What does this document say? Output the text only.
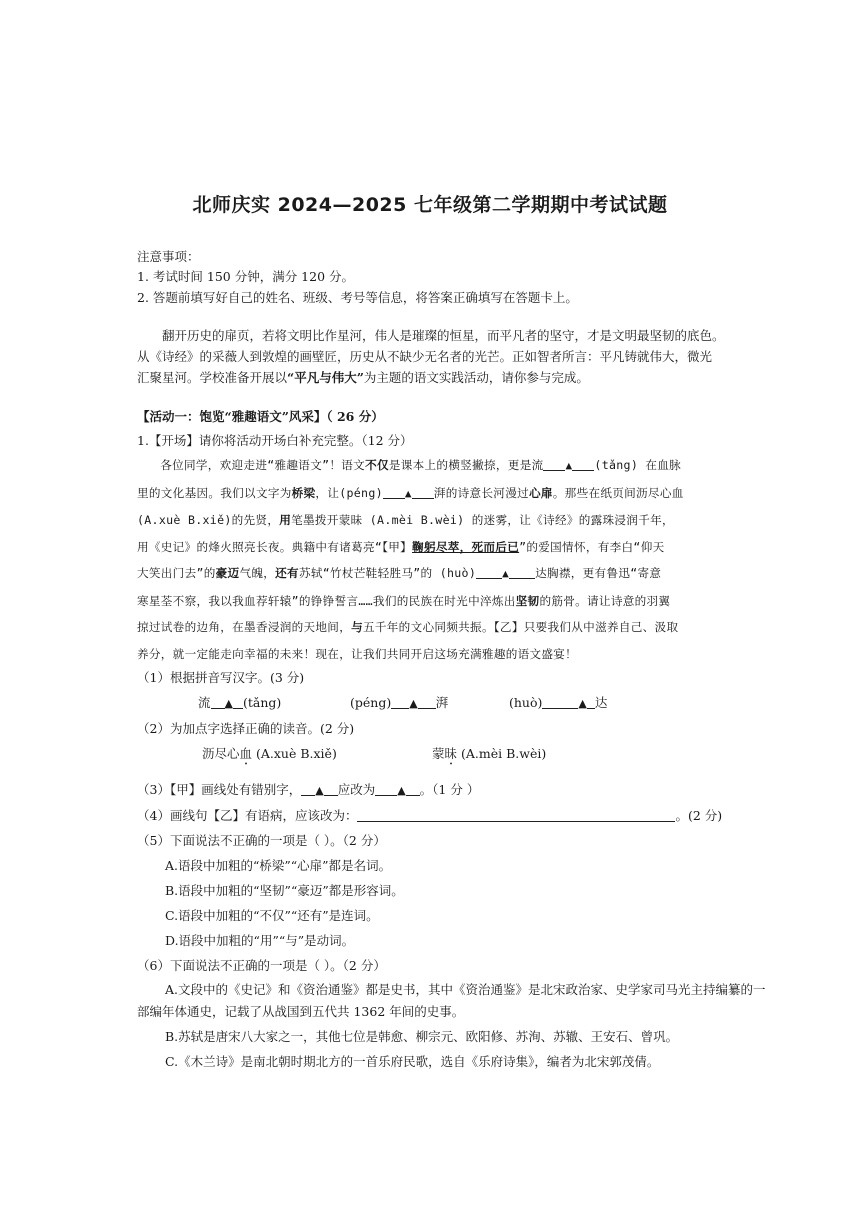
北师庆实 2024—2025 七年级第二学期期中考试试题
注意事项：
1. 考试时间 150 分钟，满分 120 分。
2. 答题前填写好自己的姓名、班级、考号等信息，将答案正确填写在答题卡上。
翻开历史的扉页，若将文明比作星河，伟人是璀璨的恒星，而平凡者的坚守，才是文明最坚韧的底色。
从《诗经》的采薇人到敦煌的画壁匠，历史从不缺少无名者的光芒。正如智者所言：平凡铸就伟大，微光
汇聚星河。学校准备开展以“平凡与伟大”为主题的语文实践活动，请你参与完成。
【活动一：饱览“雅趣语文”风采】（ 26 分）
1.【开场】请你将活动开场白补充完整。（12 分）
各位同学，欢迎走进“雅趣语文”！语文不仅是课本上的横竖撇捺，更是流 ▲ (tǎng) 在血脉
里的文化基因。我们以文字为桥梁，让(péng) ▲ 湃的诗意长河漫过心扉。那些在纸页间沥尽心血
(A.xuè B.xiě)的先贤，用笔墨拨开蒙昧 (A.mèi B.wèi) 的迷雾，让《诗经》的露珠浸润千年，
用《史记》的烽火照亮长夜。典籍中有诸葛亮“【甲】鞠躬尽萃，死而后已”的爱国情怀，有李白“仰天
大笑出门去”的豪迈气魄，还有苏轼“竹杖芒鞋轻胜马”的 (huò) ▲ 达胸襟，更有鲁迅“寄意
寒星荃不察，我以我血荐轩辕”的铮铮誓言……我们的民族在时光中淬炼出坚韧的筋骨。请让诗意的羽翼
掠过试卷的边角，在墨香浸润的天地间，与五千年的文心同频共振。【乙】只要我们从中滋养自己、汲取
养分，就一定能走向幸福的未来！现在，让我们共同开启这场充满雅趣的语文盛宴！
（1）根据拼音写汉字。(3 分)
流 ▲ (tǎng)	(péng) ▲ 湃	(huò)	▲ 达
（2）为加点字选择正确的读音。(2 分)
沥尽心血 (A.xuè B.xiě)	蒙昧 (A.mèi B.wèi)
（3）【甲】画线处有错别字， ▲ 应改为 ▲ 。（1 分 ）
（4）画线句【乙】有语病，应该改为：	。(2 分)
（5）下面说法不正确的一项是（ ）。（2 分）
A.语段中加粗的“桥梁”“心扉”都是名词。
B.语段中加粗的“坚韧”“豪迈”都是形容词。
C.语段中加粗的“不仅”“还有”是连词。
D.语段中加粗的“用”“与”是动词。
（6）下面说法不正确的一项是（ ）。（2 分）
A.文段中的《史记》和《资治通鉴》都是史书，其中《资治通鉴》是北宋政治家、史学家司马光主持编纂的一部编年体通史，记载了从战国到五代共 1362 年间的史事。
B.苏轼是唐宋八大家之一，其他七位是韩愈、柳宗元、欧阳修、苏洵、苏辙、王安石、曾巩。
C.《木兰诗》是南北朝时期北方的一首乐府民歌，选自《乐府诗集》，编者为北宋郭茂倩。
